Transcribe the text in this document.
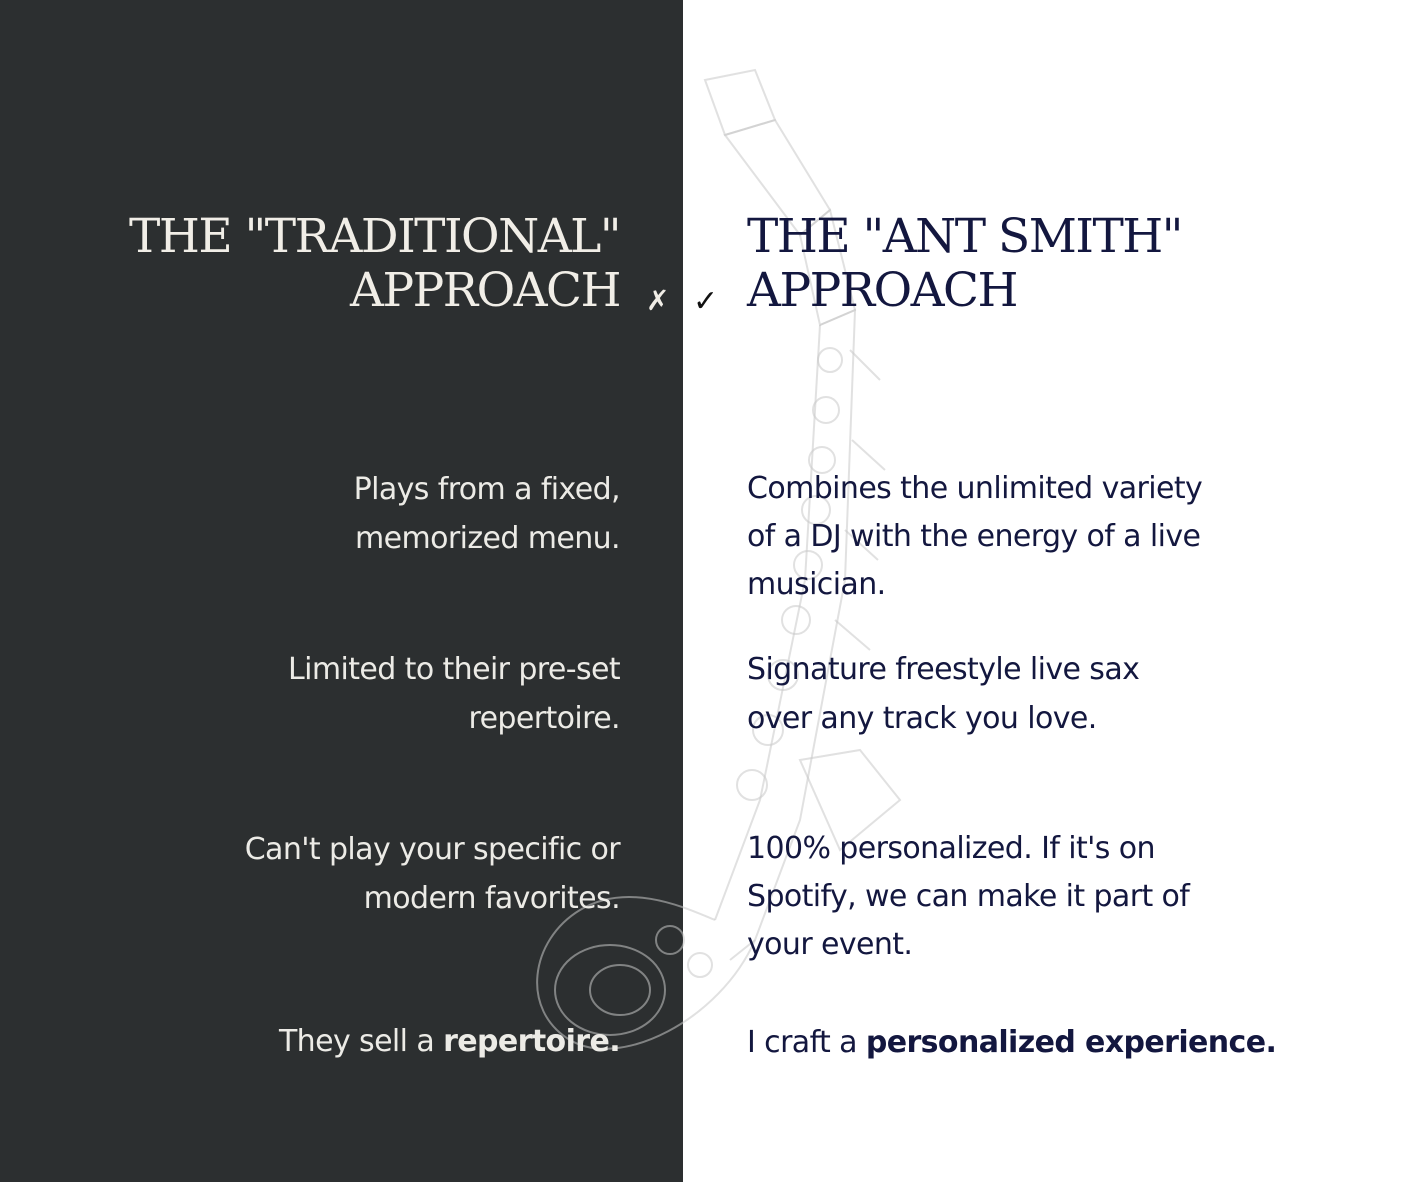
THE "TRADITIONAL"
APPROACH
THE "ANT SMITH"
APPROACH
✗ ✓

Plays from a fixed,
memorized menu.

Limited to their pre-set
repertoire.

Can't play your specific or
modern favorites.

They sell a repertoire.

Combines the unlimited variety
of a DJ with the energy of a live
musician.

Signature freestyle live sax
over any track you love.

100% personalized. If it's on
Spotify, we can make it part of
your event.

I craft a personalized experience.
